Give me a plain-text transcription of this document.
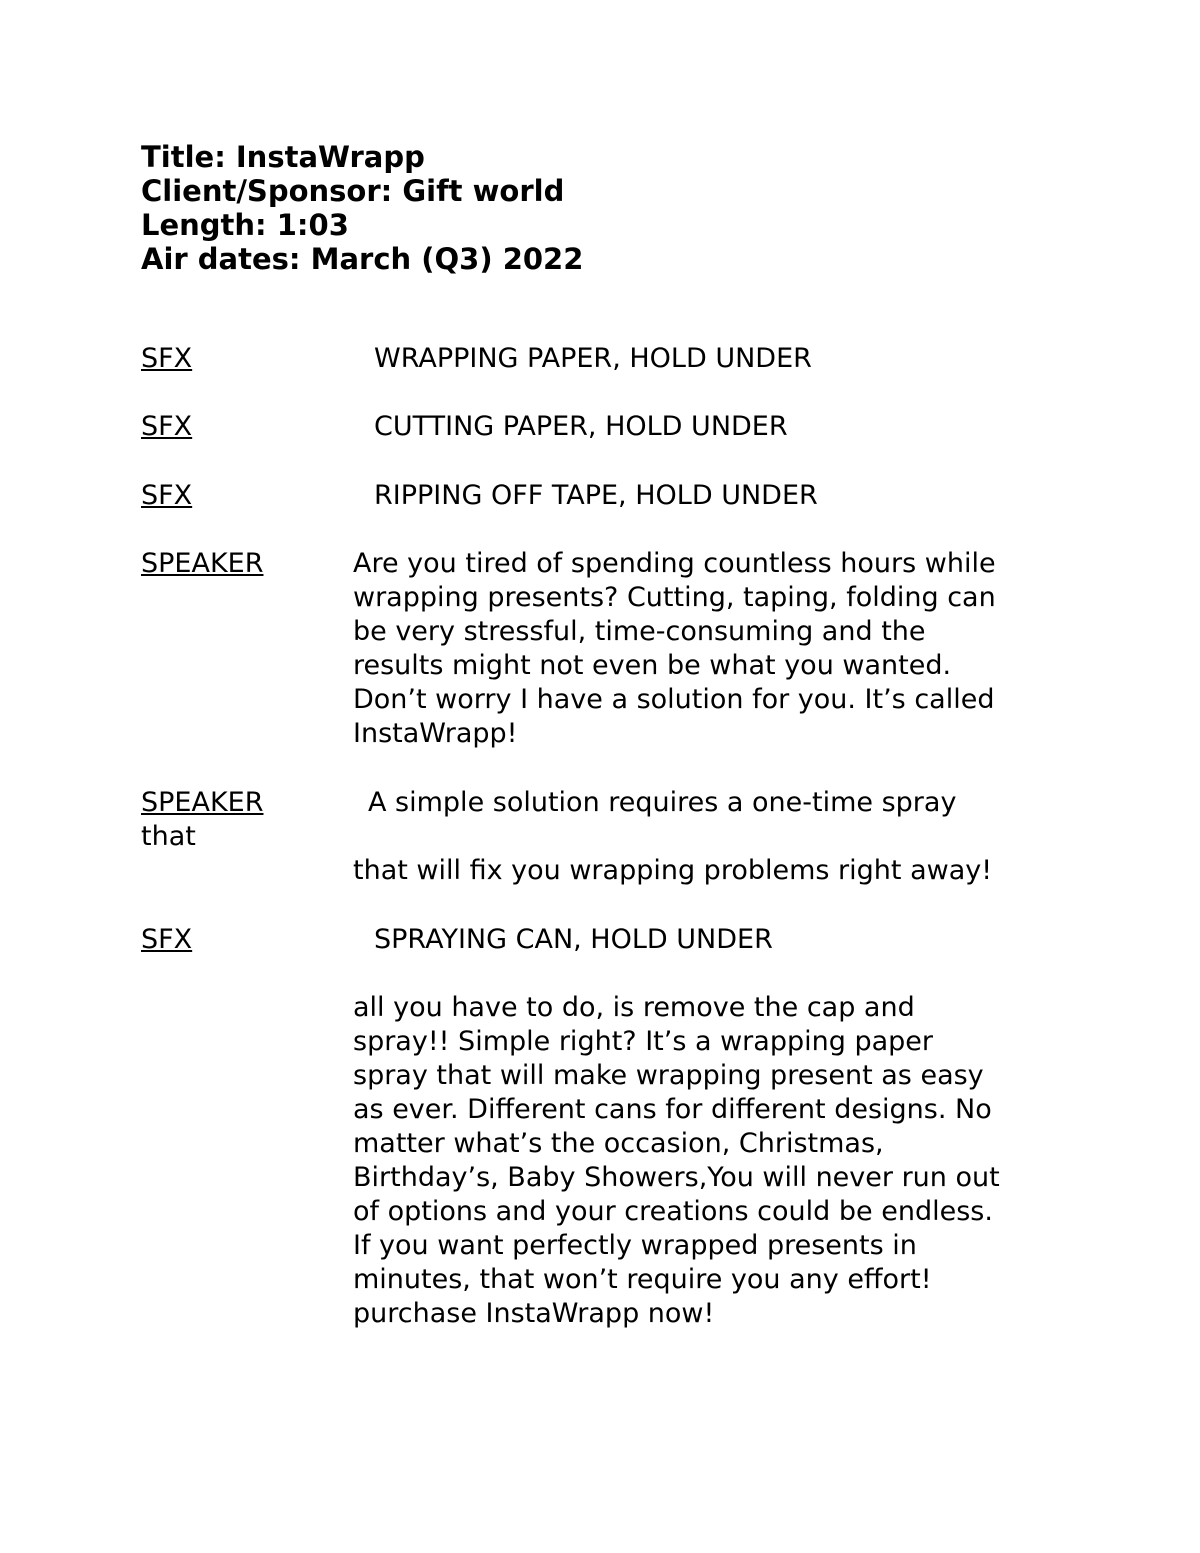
Title: InstaWrapp
Client/Sponsor: Gift world
Length: 1:03
Air dates: March (Q3) 2022
SFX	WRAPPING PAPER, HOLD UNDER
SFX	CUTTING PAPER, HOLD UNDER
SFX	RIPPING OFF TAPE, HOLD UNDER
SPEAKER	Are you tired of spending countless hours while
wrapping presents? Cutting, taping, folding can
be very stressful, time-consuming and the
results might not even be what you wanted.
Don’t worry I have a solution for you. It’s called
InstaWrapp!
SPEAKER	A simple solution requires a one-time spray
that
that will fix you wrapping problems right away!
SFX	SPRAYING CAN, HOLD UNDER
all you have to do, is remove the cap and
spray!! Simple right? It’s a wrapping paper
spray that will make wrapping present as easy
as ever. Different cans for different designs. No
matter what’s the occasion, Christmas,
Birthday’s, Baby Showers,You will never run out
of options and your creations could be endless.
If you want perfectly wrapped presents in
minutes, that won’t require you any effort!
purchase InstaWrapp now!
